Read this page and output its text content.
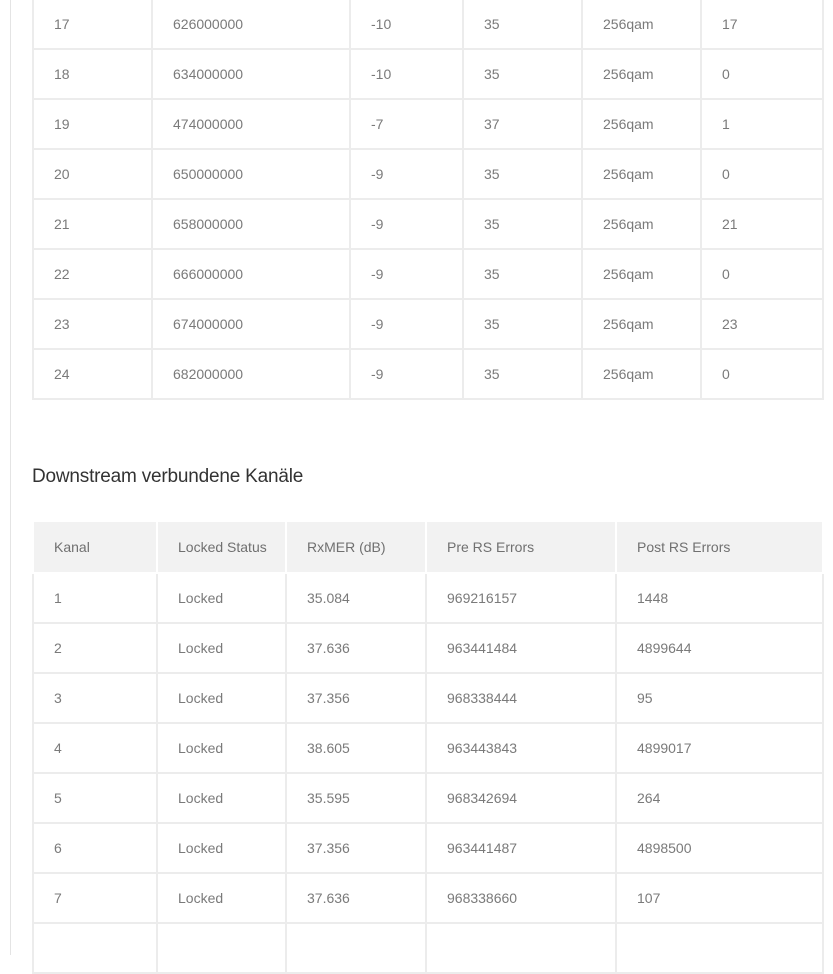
17	626000000	-10	35	256qam	17
18	634000000	-10	35	256qam	0
19	474000000	-7	37	256qam	1
20	650000000	-9	35	256qam	0
21	658000000	-9	35	256qam	21
22	666000000	-9	35	256qam	0
23	674000000	-9	35	256qam	23
24	682000000	-9	35	256qam	0
Downstream verbundene Kanäle
Kanal	Locked Status	RxMER (dB)	Pre RS Errors	Post RS Errors
1	Locked	35.084	969216157	1448
2	Locked	37.636	963441484	4899644
3	Locked	37.356	968338444	95
4	Locked	38.605	963443843	4899017
5	Locked	35.595	968342694	264
6	Locked	37.356	963441487	4898500
7	Locked	37.636	968338660	107
